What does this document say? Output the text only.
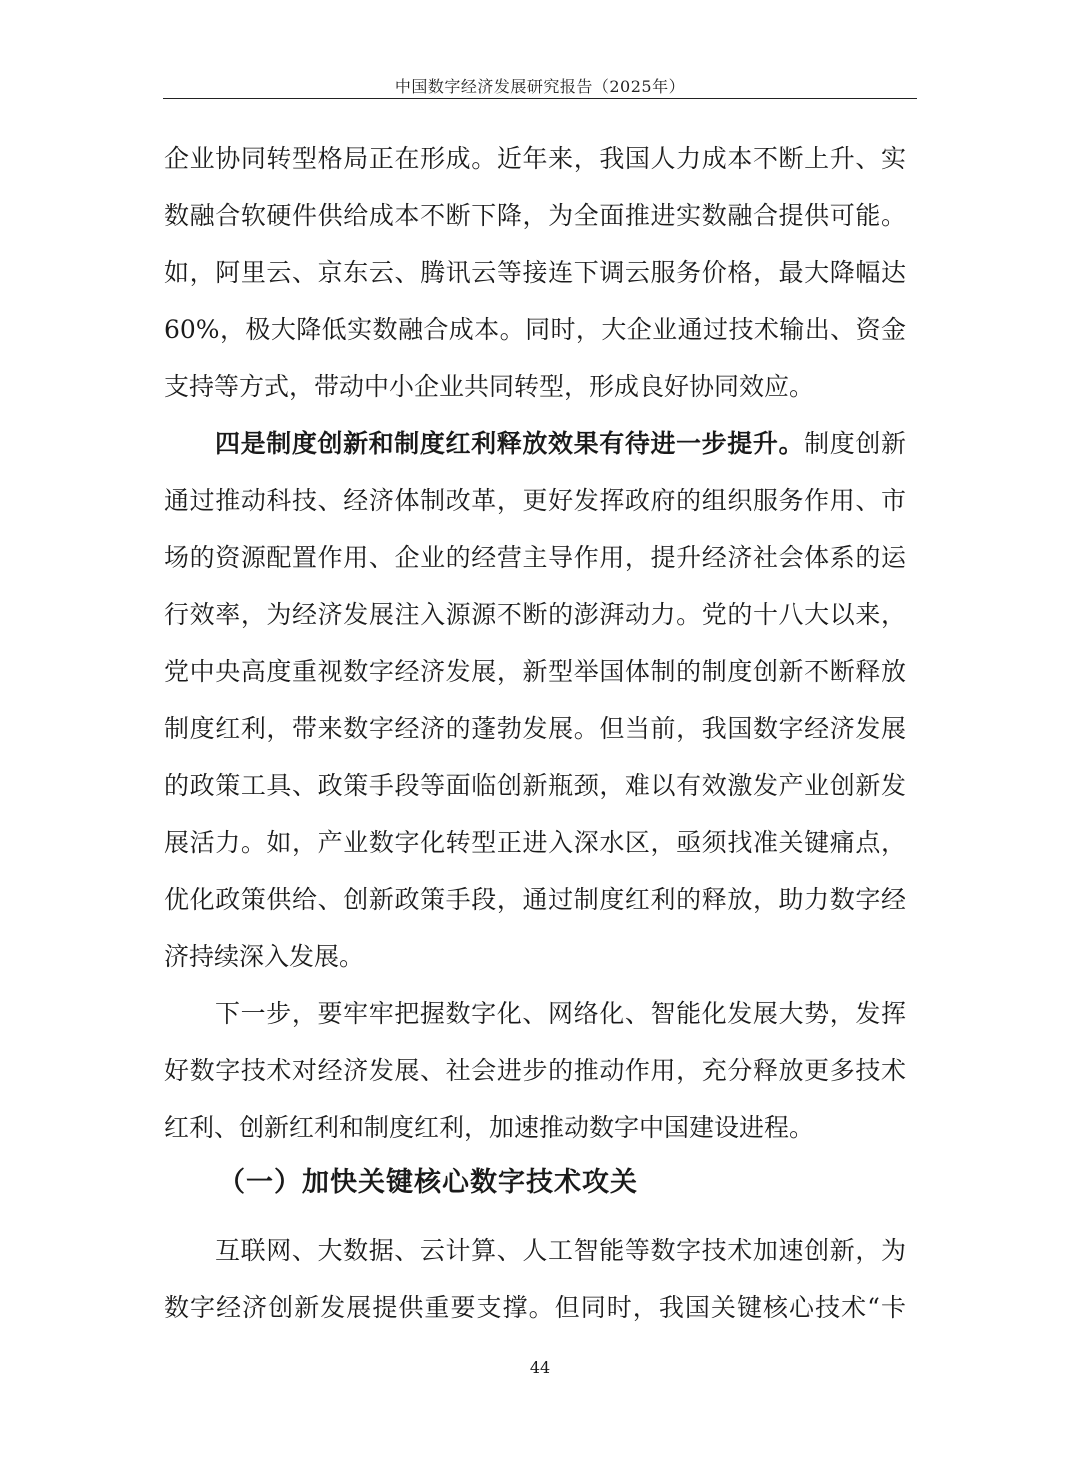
中国数字经济发展研究报告（2025年）
企业协同转型格局正在形成。近年来，我国人力成本不断上升、实
数融合软硬件供给成本不断下降，为全面推进实数融合提供可能。
如，阿里云、京东云、腾讯云等接连下调云服务价格，最大降幅达
60%，极大降低实数融合成本。同时，大企业通过技术输出、资金
支持等方式，带动中小企业共同转型，形成良好协同效应。
四是制度创新和制度红利释放效果有待进一步提升。制度创新
通过推动科技、经济体制改革，更好发挥政府的组织服务作用、市
场的资源配置作用、企业的经营主导作用，提升经济社会体系的运
行效率，为经济发展注入源源不断的澎湃动力。党的十八大以来，
党中央高度重视数字经济发展，新型举国体制的制度创新不断释放
制度红利，带来数字经济的蓬勃发展。但当前，我国数字经济发展
的政策工具、政策手段等面临创新瓶颈，难以有效激发产业创新发
展活力。如，产业数字化转型正进入深水区，亟须找准关键痛点，
优化政策供给、创新政策手段，通过制度红利的释放，助力数字经
济持续深入发展。
下一步，要牢牢把握数字化、网络化、智能化发展大势，发挥
好数字技术对经济发展、社会进步的推动作用，充分释放更多技术
红利、创新红利和制度红利，加速推动数字中国建设进程。
（一）加快关键核心数字技术攻关
互联网、大数据、云计算、人工智能等数字技术加速创新，为
数字经济创新发展提供重要支撑。但同时，我国关键核心技术“卡
44
